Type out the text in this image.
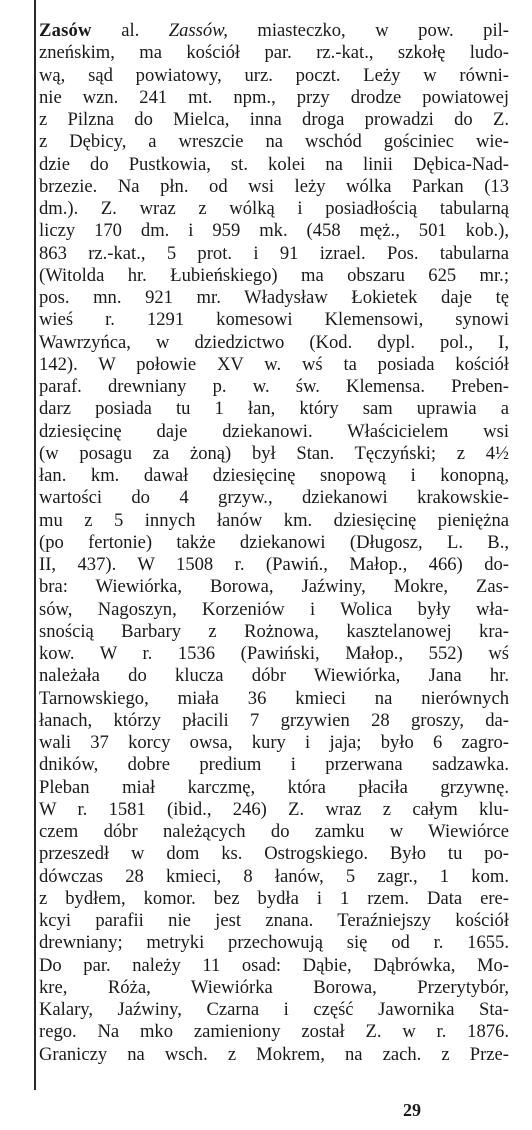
Zasów al. Zassów, miasteczko, w pow. pil-
zneńskim, ma kościół par. rz.-kat., szkołę ludo-
wą, sąd powiatowy, urz. poczt. Leży w równi-
nie wzn. 241 mt. npm., przy drodze powiatowej
z Pilzna do Mielca, inna droga prowadzi do Z.
z Dębicy, a wreszcie na wschód gościniec wie-
dzie do Pustkowia, st. kolei na linii Dębica-Nad-
brzezie. Na płn. od wsi leży wólka Parkan (13
dm.). Z. wraz z wólką i posiadłością tabularną
liczy 170 dm. i 959 mk. (458 męż., 501 kob.),
863 rz.-kat., 5 prot. i 91 izrael. Pos. tabularna
(Witolda hr. Łubieńskiego) ma obszaru 625 mr.;
pos. mn. 921 mr. Władysław Łokietek daje tę
wieś r. 1291 komesowi Klemensowi, synowi
Wawrzyńca, w dziedzictwo (Kod. dypl. pol., I,
142). W połowie XV w. wś ta posiada kościół
paraf. drewniany p. w. św. Klemensa. Preben-
darz posiada tu 1 łan, który sam uprawia a
dziesięcinę daje dziekanowi. Właścicielem wsi
(w posagu za żoną) był Stan. Tęczyński; z 4½
łan. km. dawał dziesięcinę snopową i konopną,
wartości do 4 grzyw., dziekanowi krakowskie-
mu z 5 innych łanów km. dziesięcinę pieniężna
(po fertonie) także dziekanowi (Długosz, L. B.,
II, 437). W 1508 r. (Pawiń., Małop., 466) do-
bra: Wiewiórka, Borowa, Jaźwiny, Mokre, Zas-
sów, Nagoszyn, Korzeniów i Wolica były wła-
snością Barbary z Rożnowa, kasztelanowej kra-
kow. W r. 1536 (Pawiński, Małop., 552) wś
należała do klucza dóbr Wiewiórka, Jana hr.
Tarnowskiego, miała 36 kmieci na nierównych
łanach, którzy płacili 7 grzywien 28 groszy, da-
wali 37 korcy owsa, kury i jaja; było 6 zagro-
dników, dobre predium i przerwana sadzawka.
Pleban miał karczmę, która płaciła grzywnę.
W r. 1581 (ibid., 246) Z. wraz z całym klu-
czem dóbr należących do zamku w Wiewiórce
przeszedł w dom ks. Ostrogskiego. Było tu po-
dówczas 28 kmieci, 8 łanów, 5 zagr., 1 kom.
z bydłem, komor. bez bydła i 1 rzem. Data ere-
kcyi parafii nie jest znana. Teraźniejszy kościół
drewniany; metryki przechowują się od r. 1655.
Do par. należy 11 osad: Dąbie, Dąbrówka, Mo-
kre, Róża, Wiewiórka Borowa, Przerytybór,
Kalary, Jaźwiny, Czarna i część Jawornika Sta-
rego. Na mko zamieniony został Z. w r. 1876.
Graniczy na wsch. z Mokrem, na zach. z Prze-
29
